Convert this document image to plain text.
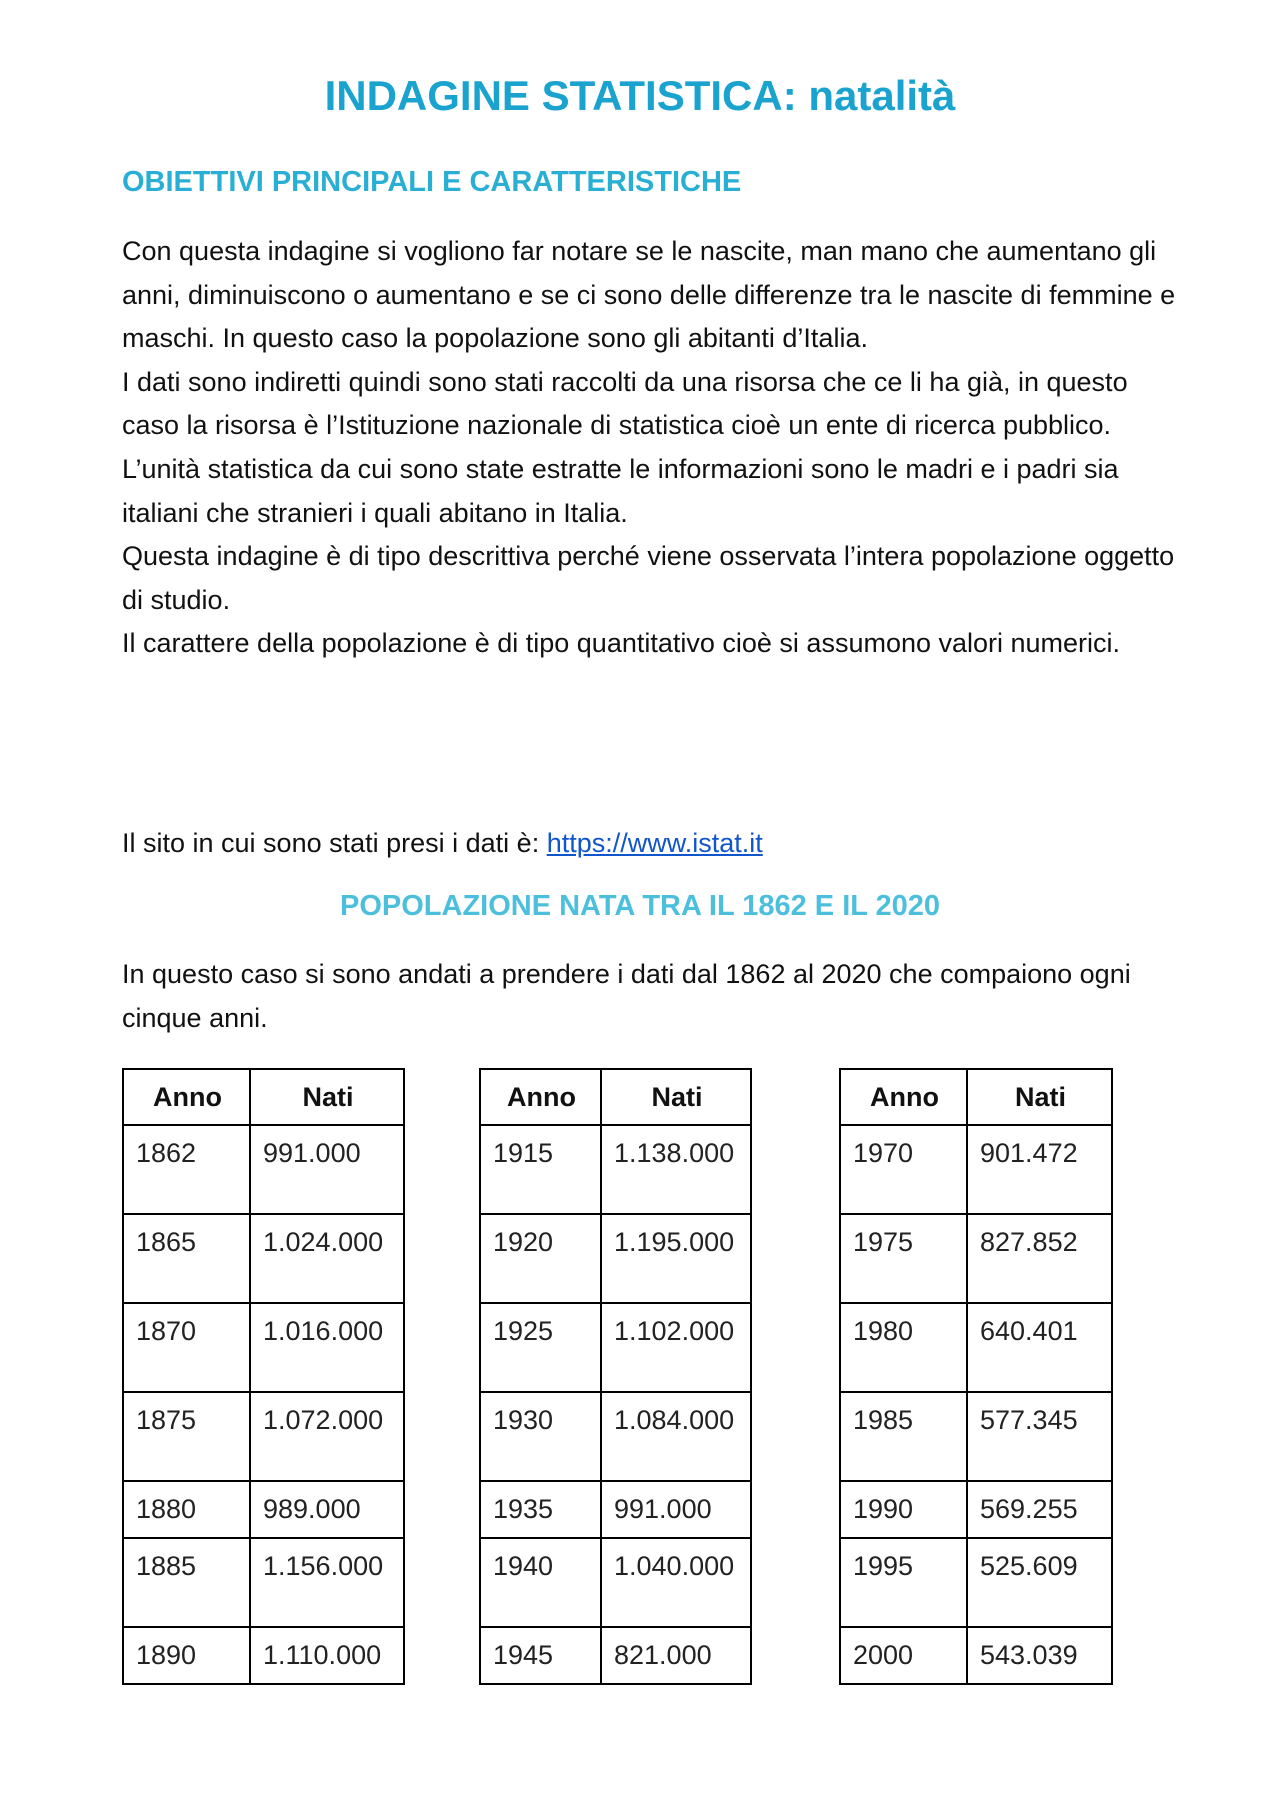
INDAGINE STATISTICA: natalità
OBIETTIVI PRINCIPALI E CARATTERISTICHE

Con questa indagine si vogliono far notare se le nascite, man mano che aumentano gli anni, diminuiscono o aumentano e se ci sono delle differenze tra le nascite di femmine e maschi. In questo caso la popolazione sono gli abitanti d’Italia.

I dati sono indiretti quindi sono stati raccolti da una risorsa che ce li ha già, in questo caso la risorsa è l’Istituzione nazionale di statistica cioè un ente di ricerca pubblico.

L’unità statistica da cui sono state estratte le informazioni sono le madri e i padri sia italiani che stranieri i quali abitano in Italia.

Questa indagine è di tipo descrittiva perché viene osservata l’intera popolazione oggetto di studio.

Il carattere della popolazione è di tipo quantitativo cioè si assumono valori numerici.

Il sito in cui sono stati presi i dati è: https://www.istat.it
POPOLAZIONE NATA TRA IL 1862 E IL 2020
In questo caso si sono andati a prendere i dati dal 1862 al 2020 che compaiono ogni cinque anni.
Anno	Nati
1862	991.000
1865	1.024.000
1870	1.016.000
1875	1.072.000
1880	989.000
1885	1.156.000
1890	1.110.000
Anno	Nati
1915	1.138.000
1920	1.195.000
1925	1.102.000
1930	1.084.000
1935	991.000
1940	1.040.000
1945	821.000
Anno	Nati
1970	901.472
1975	827.852
1980	640.401
1985	577.345
1990	569.255
1995	525.609
2000	543.039
